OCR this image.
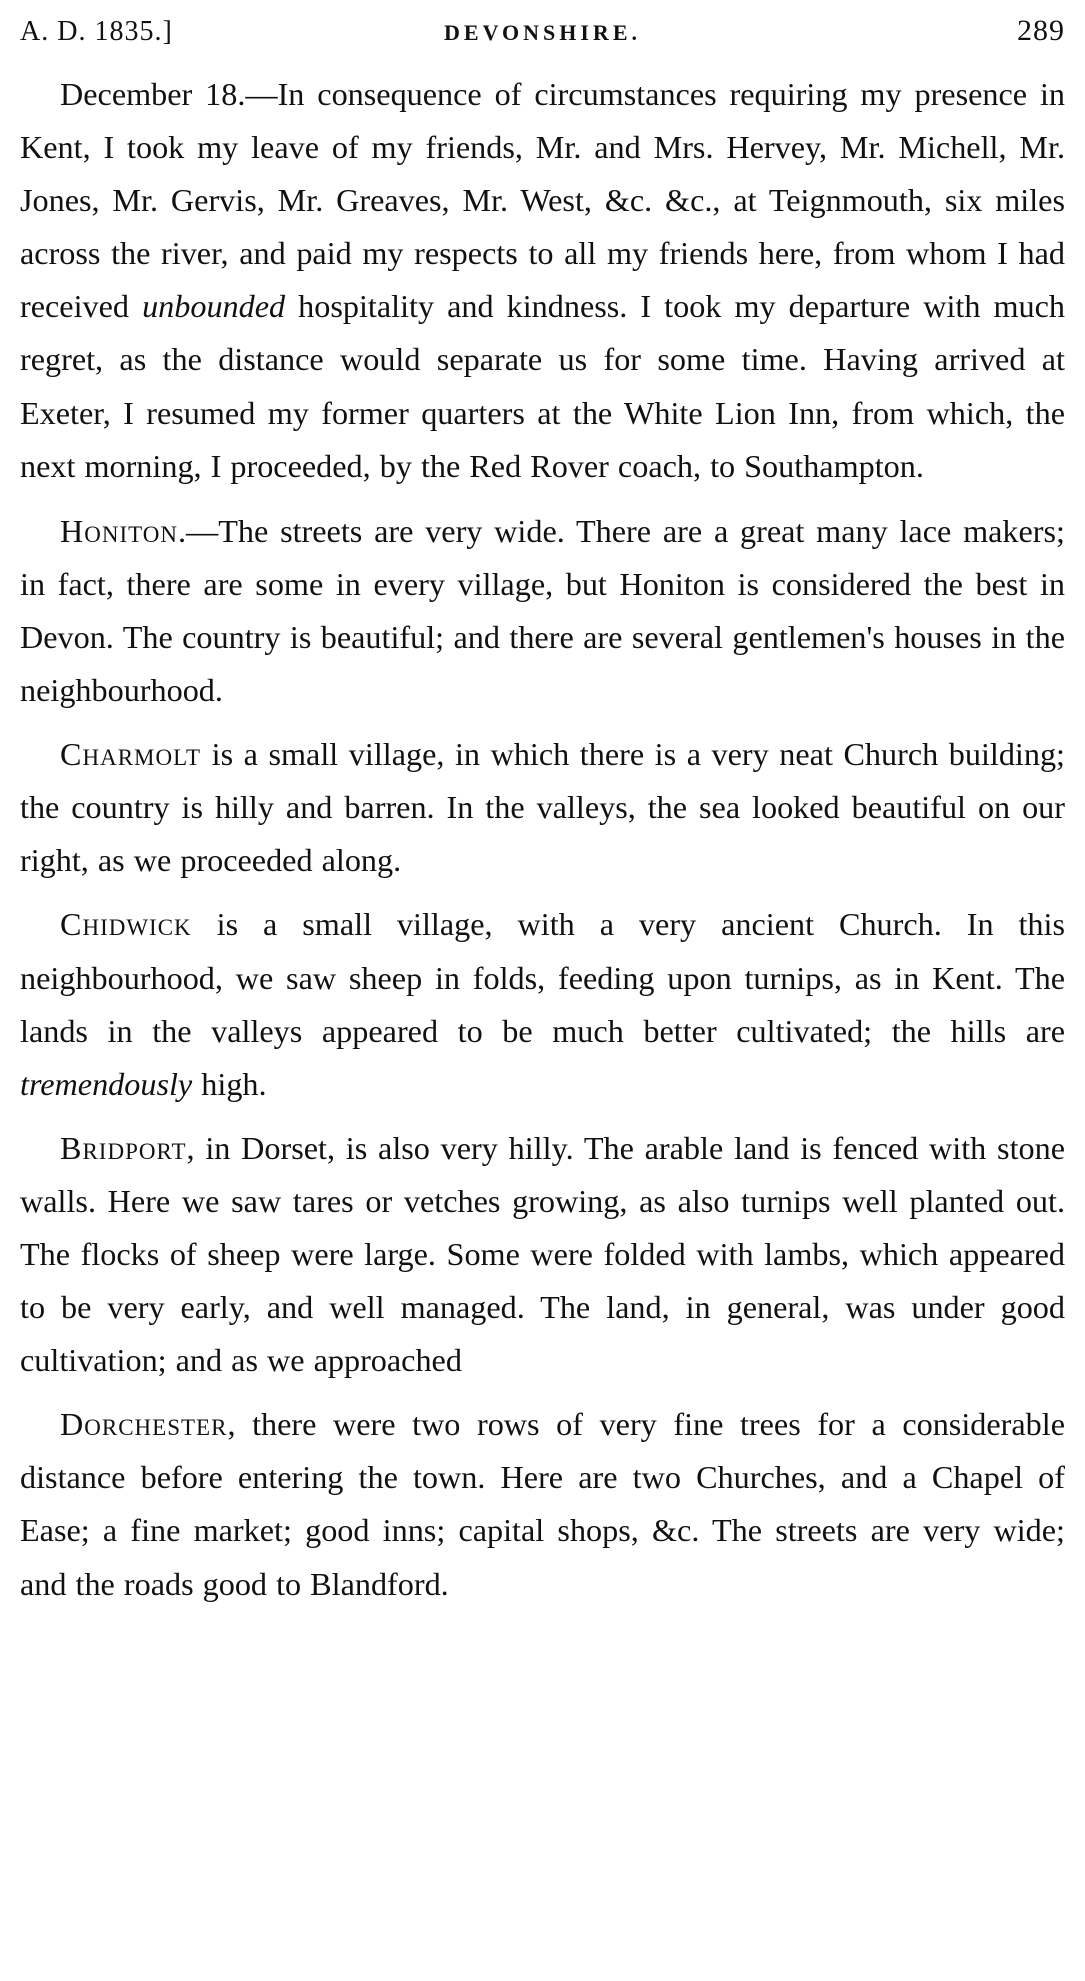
A. D. 1835.]	DEVONSHIRE.	289

December 18.—In consequence of circumstances requiring my presence in Kent, I took my leave of my friends, Mr. and Mrs. Hervey, Mr. Michell, Mr. Jones, Mr. Gervis, Mr. Greaves, Mr. West, &c. &c., at Teignmouth, six miles across the river, and paid my respects to all my friends here, from whom I had received unbounded hospitality and kindness. I took my departure with much regret, as the distance would separate us for some time. Having arrived at Exeter, I resumed my former quarters at the White Lion Inn, from which, the next morning, I proceeded, by the Red Rover coach, to Southampton.

Honiton.—The streets are very wide. There are a great many lace makers; in fact, there are some in every village, but Honiton is considered the best in Devon. The country is beautiful; and there are several gentlemen's houses in the neighbourhood.

Charmolt is a small village, in which there is a very neat Church building; the country is hilly and barren. In the valleys, the sea looked beautiful on our right, as we proceeded along.

Chidwick is a small village, with a very ancient Church. In this neighbourhood, we saw sheep in folds, feeding upon turnips, as in Kent. The lands in the valleys appeared to be much better cultivated; the hills are tremendously high.

Bridport, in Dorset, is also very hilly. The arable land is fenced with stone walls. Here we saw tares or vetches growing, as also turnips well planted out. The flocks of sheep were large. Some were folded with lambs, which appeared to be very early, and well managed. The land, in general, was under good cultivation; and as we approached

Dorchester, there were two rows of very fine trees for a considerable distance before entering the town. Here are two Churches, and a Chapel of Ease; a fine market; good inns; capital shops, &c. The streets are very wide; and the roads good to Blandford.
